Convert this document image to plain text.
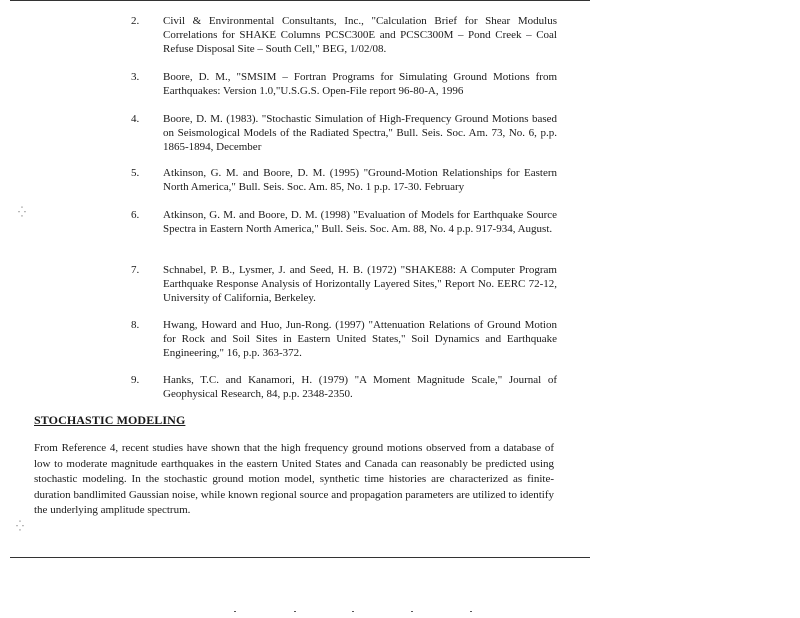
2.	Civil & Environmental Consultants, Inc., "Calculation Brief for Shear Modulus Correlations for SHAKE Columns PCSC300E and PCSC300M – Pond Creek – Coal Refuse Disposal Site – South Cell," BEG, 1/02/08.
3.	Boore, D. M., "SMSIM – Fortran Programs for Simulating Ground Motions from Earthquakes: Version 1.0,"U.S.G.S. Open-File report 96-80-A, 1996
4.	Boore, D. M. (1983). "Stochastic Simulation of High-Frequency Ground Motions based on Seismological Models of the Radiated Spectra," Bull. Seis. Soc. Am. 73, No. 6, p.p. 1865-1894, December
5.	Atkinson, G. M. and Boore, D. M. (1995) "Ground-Motion Relationships for Eastern North America," Bull. Seis. Soc. Am. 85, No. 1 p.p. 17-30. February
6.	Atkinson, G. M. and Boore, D. M. (1998) "Evaluation of Models for Earthquake Source Spectra in Eastern North America," Bull. Seis. Soc. Am. 88, No. 4 p.p. 917-934, August.
7.	Schnabel, P. B., Lysmer, J. and Seed, H. B. (1972) "SHAKE88: A Computer Program Earthquake Response Analysis of Horizontally Layered Sites," Report No. EERC 72-12, University of California, Berkeley.
8.	Hwang, Howard and Huo, Jun-Rong. (1997) "Attenuation Relations of Ground Motion for Rock and Soil Sites in Eastern United States," Soil Dynamics and Earthquake Engineering," 16, p.p. 363-372.
9.	Hanks, T.C. and Kanamori, H. (1979) "A Moment Magnitude Scale," Journal of Geophysical Research, 84, p.p. 2348-2350.
STOCHASTIC MODELING
From Reference 4, recent studies have shown that the high frequency ground motions observed from a database of low to moderate magnitude earthquakes in the eastern United States and Canada can reasonably be predicted using stochastic modeling. In the stochastic ground motion model, synthetic time histories are characterized as finite-duration bandlimited Gaussian noise, while known regional source and propagation parameters are utilized to identify the underlying amplitude spectrum.
⁛
⁛
